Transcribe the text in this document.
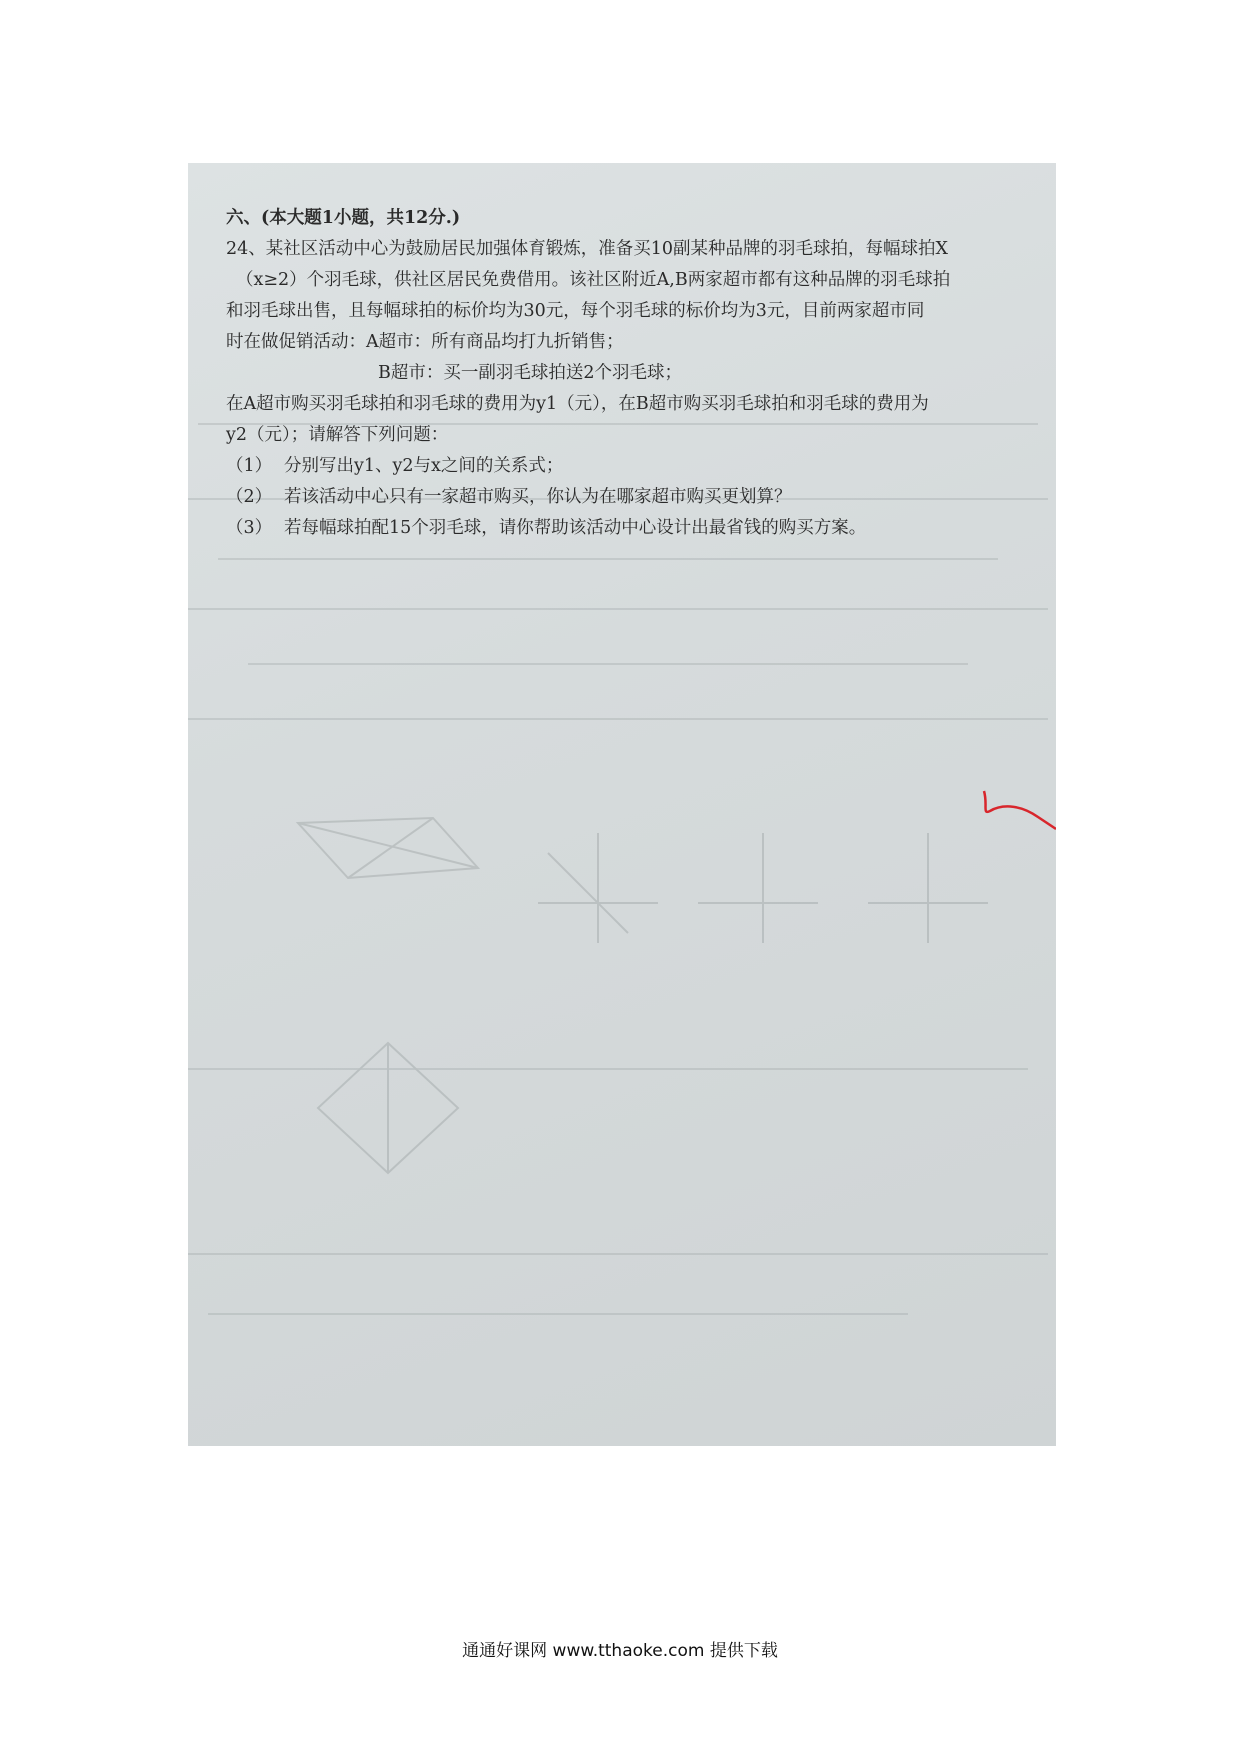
六、(本大题1小题，共12分.)
24、某社区活动中心为鼓励居民加强体育锻炼，准备买10副某种品牌的羽毛球拍，每幅球拍X
（x≥2）个羽毛球，供社区居民免费借用。该社区附近A,B两家超市都有这种品牌的羽毛球拍
和羽毛球出售，且每幅球拍的标价均为30元，每个羽毛球的标价均为3元，目前两家超市同
时在做促销活动：A超市：所有商品均打九折销售；
B超市：买一副羽毛球拍送2个羽毛球；
在A超市购买羽毛球拍和羽毛球的费用为y1（元），在B超市购买羽毛球拍和羽毛球的费用为
y2（元）；请解答下列问题：
（1） 分别写出y1、y2与x之间的关系式；
（2） 若该活动中心只有一家超市购买，你认为在哪家超市购买更划算？
（3） 若每幅球拍配15个羽毛球，请你帮助该活动中心设计出最省钱的购买方案。
通通好课网 www.tthaoke.com 提供下载
